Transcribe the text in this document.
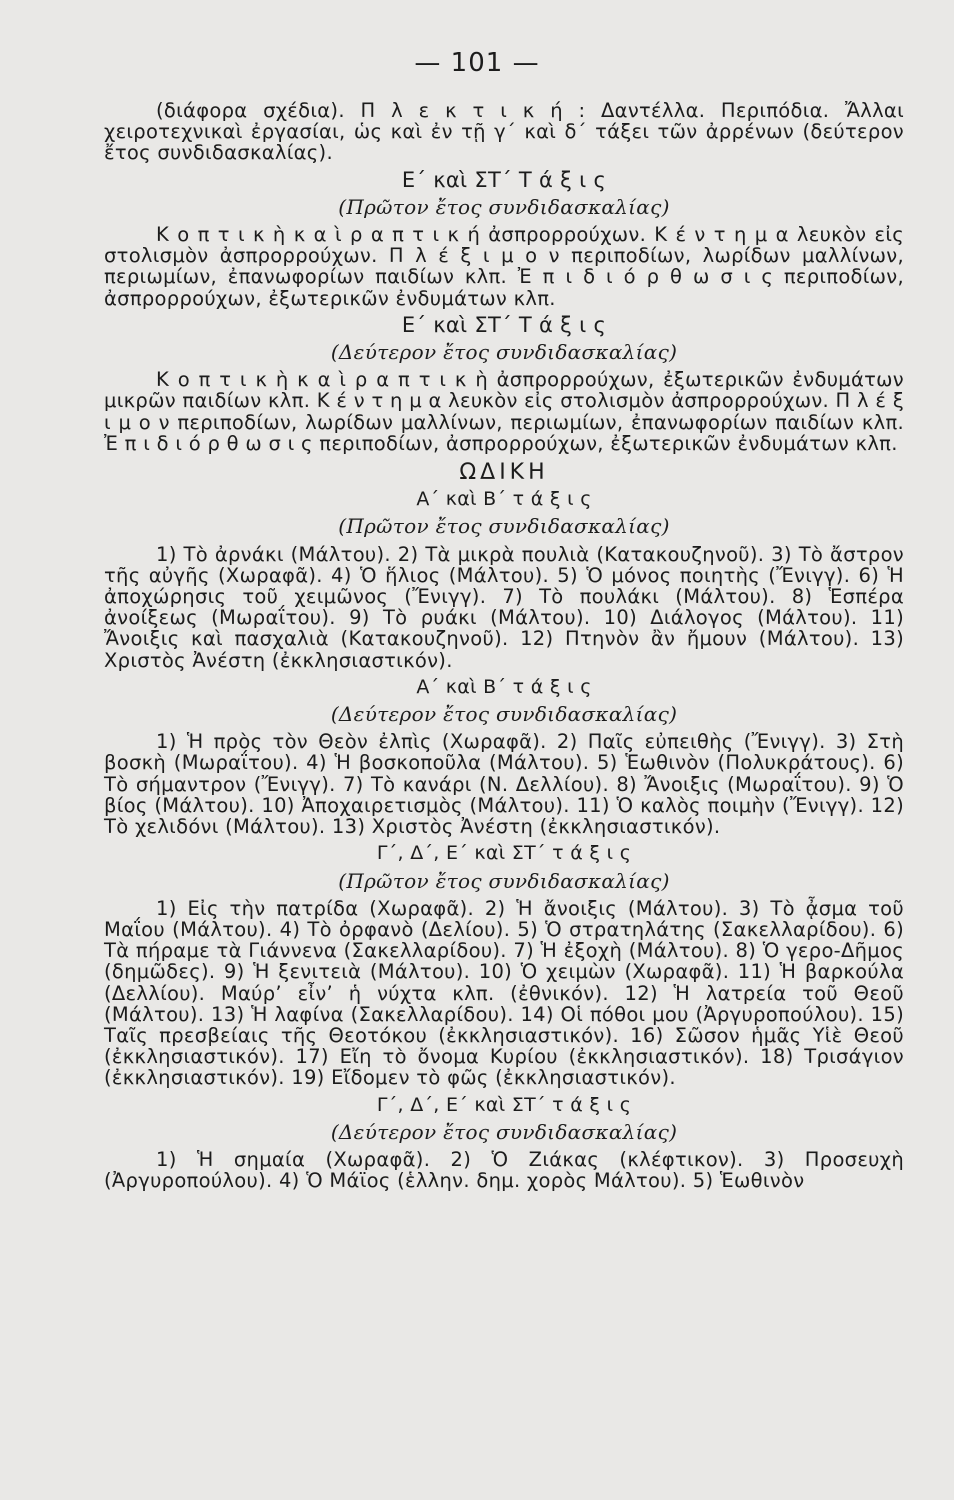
— 101 —

(διάφορα σχέδια). Π λ ε κ τ ι κ ή : Δαντέλλα. Περιπόδια. Ἄλλαι χειροτεχνικαὶ ἐργασίαι, ὡς καὶ ἐν τῇ γ΄ καὶ δ΄ τάξει τῶν ἀρρένων (δεύτερον ἔτος συνδιδασκαλίας).

Ε΄ καὶ ΣΤ΄ Τ ά ξ ι ς
(Πρῶτον ἔτος συνδιδασκαλίας)

Κ ο π τ ι κ ὴ κ α ὶ ρ α π τ ι κ ή ἀσπρορρούχων. Κ έ ν τ η μ α λευκὸν εἰς στολισμὸν ἀσπρορρούχων. Π λ έ ξ ι μ ο ν περιποδίων, λωρίδων μαλλίνων, περιωμίων, ἐπανωφορίων παιδίων κλπ. Ἐ π ι δ ι ό ρ θ ω σ ι ς περιποδίων, ἀσπρορρούχων, ἐξωτερικῶν ἐνδυμάτων κλπ.

Ε΄ καὶ ΣΤ΄ Τ ά ξ ι ς
(Δεύτερον ἔτος συνδιδασκαλίας)

Κ ο π τ ι κ ὴ κ α ὶ ρ α π τ ι κ ὴ ἀσπρορρούχων, ἐξωτερικῶν ἐνδυμάτων μικρῶν παιδίων κλπ. Κ έ ν τ η μ α λευκὸν εἰς στολισμὸν ἀσπρορρούχων. Π λ έ ξ ι μ ο ν περιποδίων, λωρίδων μαλλίνων, περιωμίων, ἐπανωφορίων παιδίων κλπ. Ἐ π ι δ ι ό ρ θ ω σ ι ς περιποδίων, ἀσπρορρούχων, ἐξωτερικῶν ἐνδυμάτων κλπ.

ΩΔΙΚΗ
Α΄ καὶ Β΄ τ ά ξ ι ς
(Πρῶτον ἔτος συνδιδασκαλίας)

1) Τὸ ἀρνάκι (Μάλτου). 2) Τὰ μικρὰ πουλιὰ (Κατακουζηνοῦ). 3) Τὸ ἄστρον τῆς αὐγῆς (Χωραφᾶ). 4) Ὁ ἥλιος (Μάλτου). 5) Ὁ μόνος ποιητὴς (Ἔνιγγ). 6) Ἡ ἀποχώρησις τοῦ χειμῶνος (Ἔνιγγ). 7) Τὸ πουλάκι (Μάλτου). 8) Ἑσπέρα ἀνοίξεως (Μωραΐτου). 9) Τὸ ρυάκι (Μάλτου). 10) Διάλογος (Μάλτου). 11) Ἄνοιξις καὶ πασχαλιὰ (Κατακουζηνοῦ). 12) Πτηνὸν ἂν ἤμουν (Μάλτου). 13) Χριστὸς Ἀνέστη (ἐκκλησιαστικόν).

Α΄ καὶ Β΄ τ ά ξ ι ς
(Δεύτερον ἔτος συνδιδασκαλίας)

1) Ἡ πρὸς τὸν Θεὸν ἐλπὶς (Χωραφᾶ). 2) Παῖς εὐπειθὴς (Ἔνιγγ). 3) Στὴ βοσκὴ (Μωραΐτου). 4) Ἡ βοσκοποῦλα (Μάλτου). 5) Ἑωθινὸν (Πολυκράτους). 6) Τὸ σήμαντρον (Ἔνιγγ). 7) Τὸ κανάρι (Ν. Δελλίου). 8) Ἄνοιξις (Μωραΐτου). 9) Ὁ βίος (Μάλτου). 10) Ἀποχαιρετισμὸς (Μάλτου). 11) Ὁ καλὸς ποιμὴν (Ἔνιγγ). 12) Τὸ χελιδόνι (Μάλτου). 13) Χριστὸς Ἀνέστη (ἐκκλησιαστικόν).

Γ΄, Δ΄, Ε΄ καὶ ΣΤ΄ τ ά ξ ι ς
(Πρῶτον ἔτος συνδιδασκαλίας)

1) Εἰς τὴν πατρίδα (Χωραφᾶ). 2) Ἡ ἄνοιξις (Μάλτου). 3) Τὸ ᾆσμα τοῦ Μαΐου (Μάλτου). 4) Τὸ ὀρφανὸ (Δελίου). 5) Ὁ στρατηλάτης (Σακελλαρίδου). 6) Τὰ πήραμε τὰ Γιάννενα (Σακελλαρίδου). 7) Ἡ ἐξοχὴ (Μάλτου). 8) Ὁ γερο-Δῆμος (δημῶδες). 9) Ἡ ξενιτειὰ (Μάλτου). 10) Ὁ χειμὼν (Χωραφᾶ). 11) Ἡ βαρκούλα (Δελλίου). Μαύρ’ εἶν’ ἡ νύχτα κλπ. (ἐθνικόν). 12) Ἡ λατρεία τοῦ Θεοῦ (Μάλτου). 13) Ἡ λαφίνα (Σακελλαρίδου). 14) Οἱ πόθοι μου (Ἀργυροπούλου). 15) Ταῖς πρεσβείαις τῆς Θεοτόκου (ἐκκλησιαστικόν). 16) Σῶσον ἡμᾶς Υἱὲ Θεοῦ (ἐκκλησιαστικόν). 17) Εἴη τὸ ὄνομα Κυρίου (ἐκκλησιαστικόν). 18) Τρισάγιον (ἐκκλησιαστικόν). 19) Εἴδομεν τὸ φῶς (ἐκκλησιαστικόν).

Γ΄, Δ΄, Ε΄ καὶ ΣΤ΄ τ ά ξ ι ς
(Δεύτερον ἔτος συνδιδασκαλίας)

1) Ἡ σημαία (Χωραφᾶ). 2) Ὁ Ζιάκας (κλέφτικον). 3) Προσευχὴ (Ἀργυροπούλου). 4) Ὁ Μάϊος (ἑλλην. δημ. χορὸς Μάλτου). 5) Ἑωθινὸν
